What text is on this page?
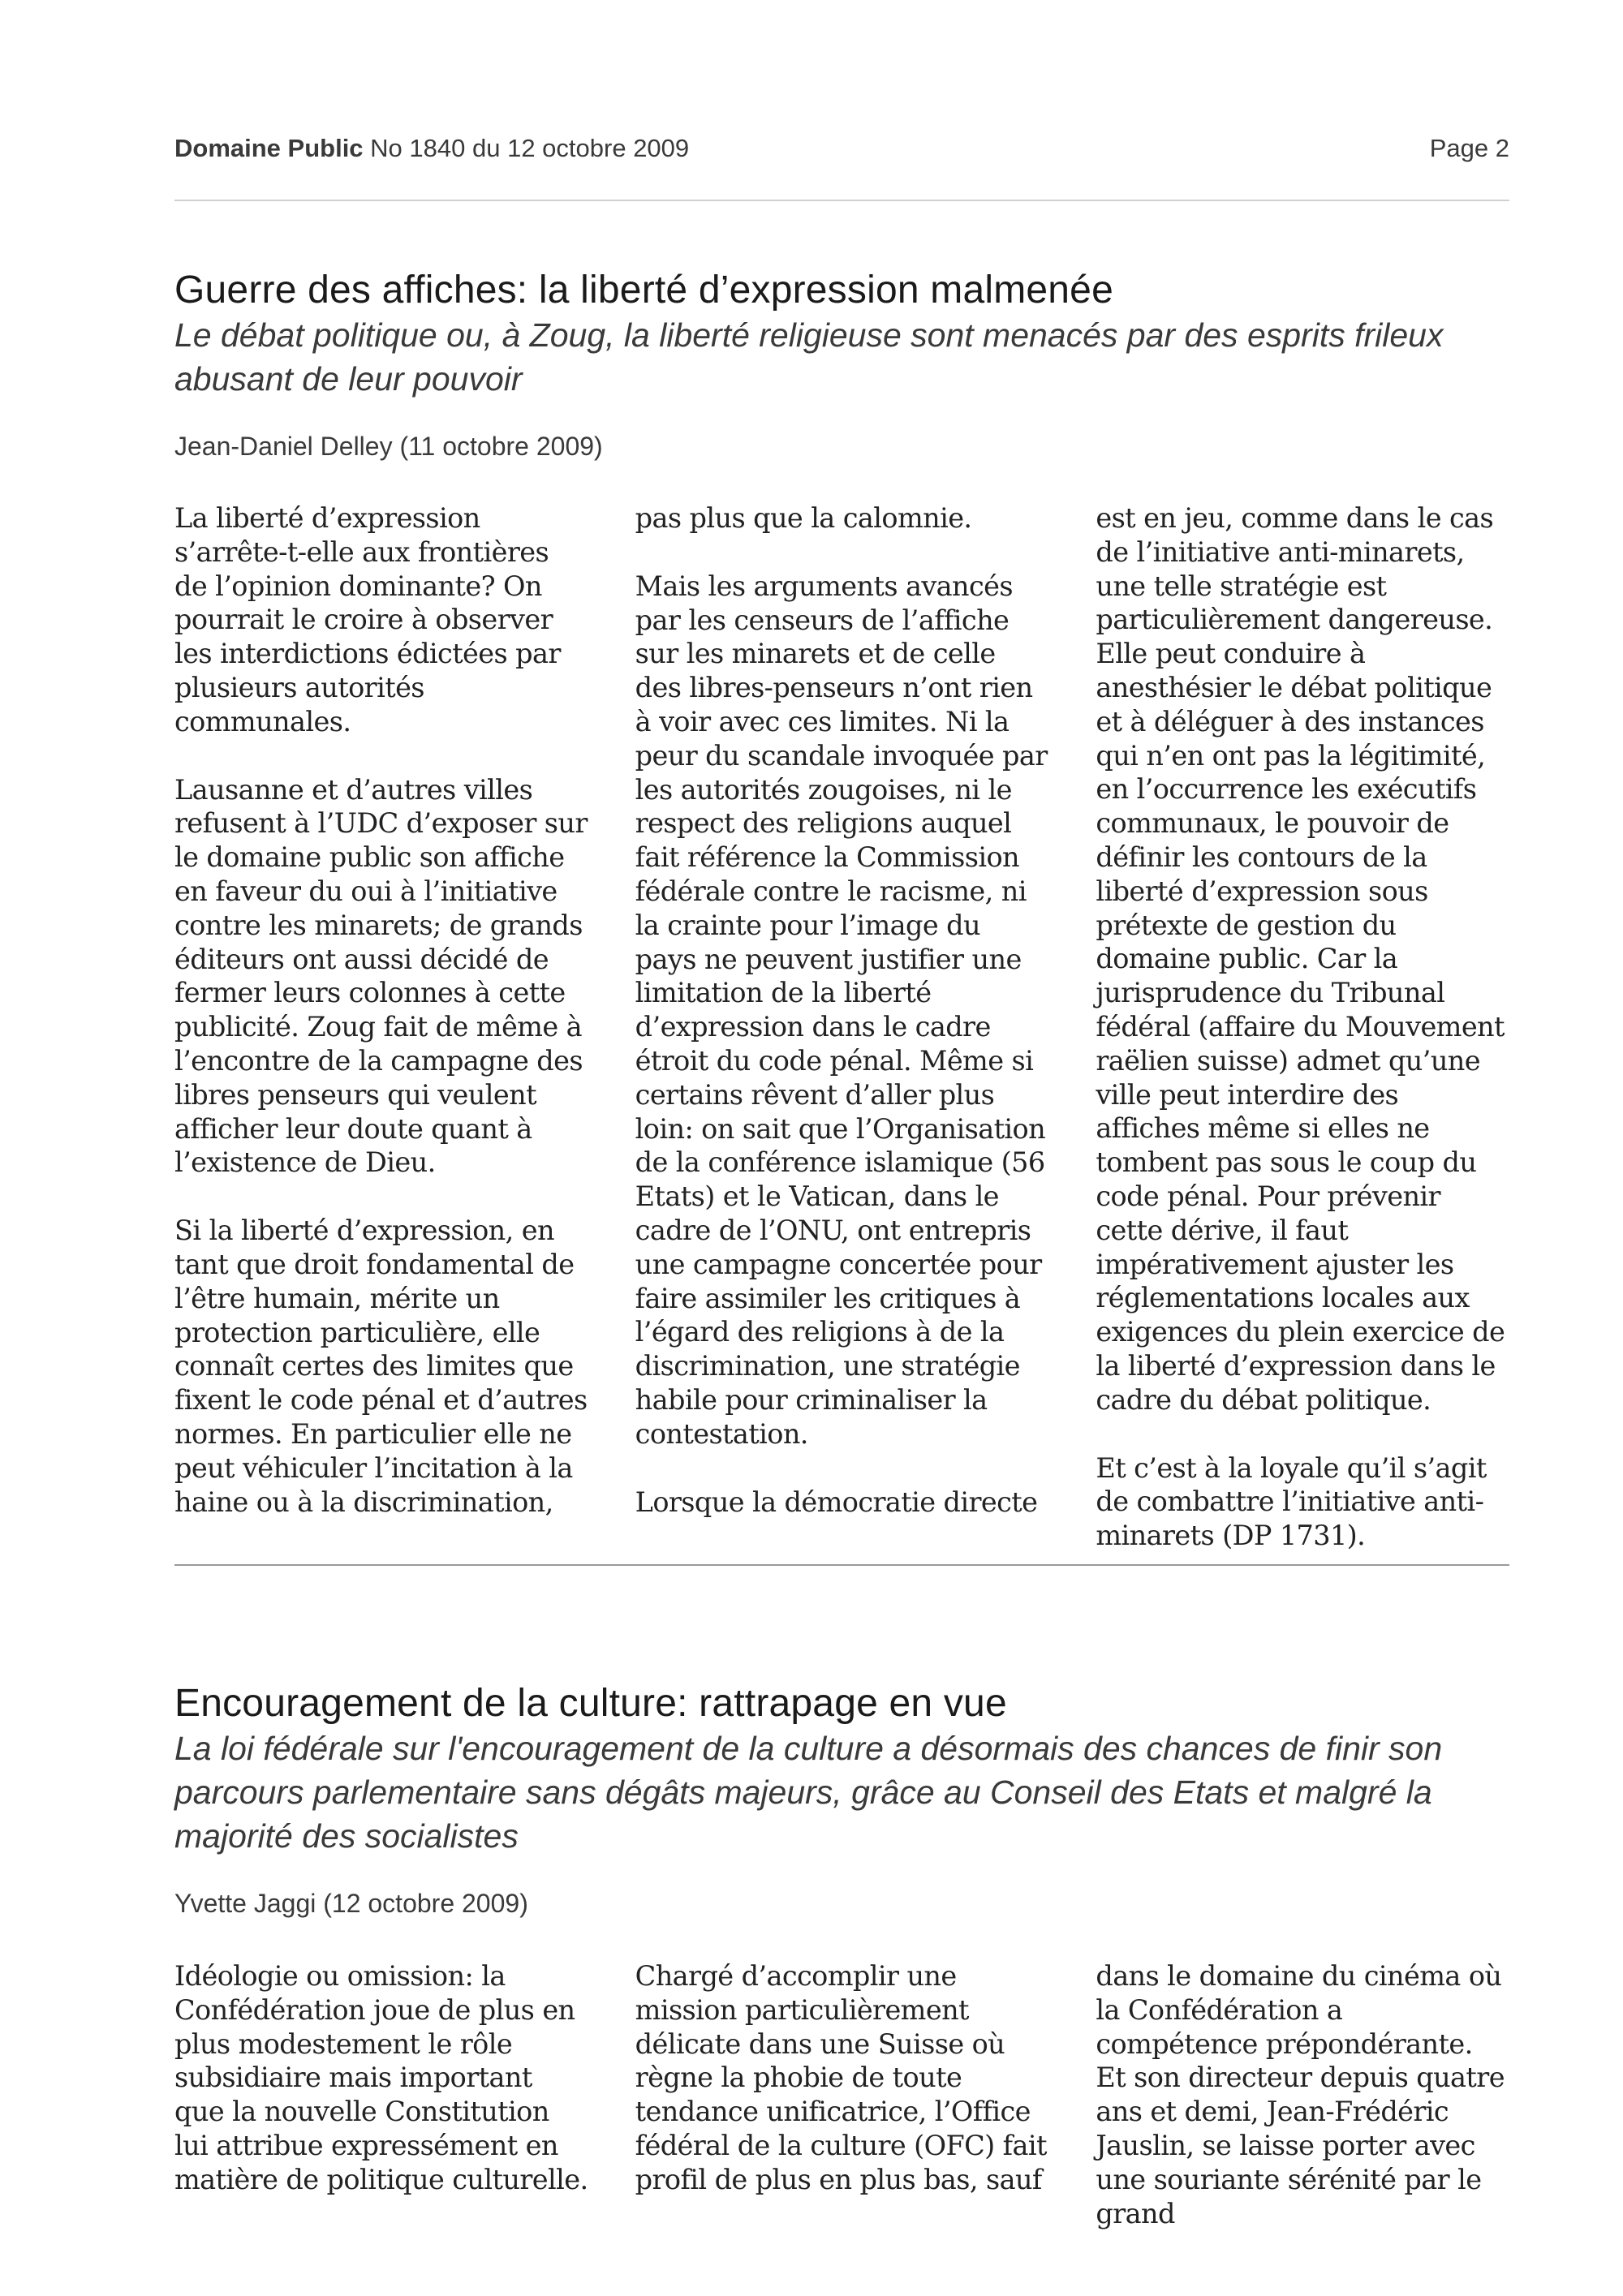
Domaine Public No 1840 du 12 octobre 2009	Page 2
Guerre des affiches: la liberté d’expression malmenée

Le débat politique ou, à Zoug, la liberté religieuse sont menacés par des esprits frileux abusant de leur pouvoir

Jean-Daniel Delley (11 octobre 2009)

La liberté d’expression s’arrête-t-elle aux frontières de l’opinion dominante? On pourrait le croire à observer les interdictions édictées par plusieurs autorités communales.

Lausanne et d’autres villes refusent à l’UDC d’exposer sur le domaine public son affiche en faveur du oui à l’initiative contre les minarets; de grands éditeurs ont aussi décidé de fermer leurs colonnes à cette publicité. Zoug fait de même à l’encontre de la campagne des libres penseurs qui veulent afficher leur doute quant à l’existence de Dieu.

Si la liberté d’expression, en tant que droit fondamental de l’être humain, mérite un protection particulière, elle connaît certes des limites que fixent le code pénal et d’autres normes. En particulier elle ne peut véhiculer l’incitation à la haine ou à la discrimination,

pas plus que la calomnie.

Mais les arguments avancés par les censeurs de l’affiche sur les minarets et de celle des libres-penseurs n’ont rien à voir avec ces limites. Ni la peur du scandale invoquée par les autorités zougoises, ni le respect des religions auquel fait référence la Commission fédérale contre le racisme, ni la crainte pour l’image du pays ne peuvent justifier une limitation de la liberté d’expression dans le cadre étroit du code pénal. Même si certains rêvent d’aller plus loin: on sait que l’Organisation de la conférence islamique (56 Etats) et le Vatican, dans le cadre de l’ONU, ont entrepris une campagne concertée pour faire assimiler les critiques à l’égard des religions à de la discrimination, une stratégie habile pour criminaliser la contestation.

Lorsque la démocratie directe

est en jeu, comme dans le cas de l’initiative anti-minarets, une telle stratégie est particulièrement dangereuse. Elle peut conduire à anesthésier le débat politique et à déléguer à des instances qui n’en ont pas la légitimité, en l’occurrence les exécutifs communaux, le pouvoir de définir les contours de la liberté d’expression sous prétexte de gestion du domaine public. Car la jurisprudence du Tribunal fédéral (affaire du Mouvement raëlien suisse) admet qu’une ville peut interdire des affiches même si elles ne tombent pas sous le coup du code pénal. Pour prévenir cette dérive, il faut impérativement ajuster les réglementations locales aux exigences du plein exercice de la liberté d’expression dans le cadre du débat politique.

Et c’est à la loyale qu’il s’agit de combattre l’initiative anti-minarets (DP 1731).

Encouragement de la culture: rattrapage en vue

La loi fédérale sur l'encouragement de la culture a désormais des chances de finir son parcours parlementaire sans dégâts majeurs, grâce au Conseil des Etats et malgré la majorité des socialistes

Yvette Jaggi (12 octobre 2009)

Idéologie ou omission: la Confédération joue de plus en plus modestement le rôle subsidiaire mais important que la nouvelle Constitution lui attribue expressément en matière de politique culturelle.

Chargé d’accomplir une mission particulièrement délicate dans une Suisse où règne la phobie de toute tendance unificatrice, l’Office fédéral de la culture (OFC) fait profil de plus en plus bas, sauf

dans le domaine du cinéma où la Confédération a compétence prépondérante. Et son directeur depuis quatre ans et demi, Jean-Frédéric Jauslin, se laisse porter avec une souriante sérénité par le grand
